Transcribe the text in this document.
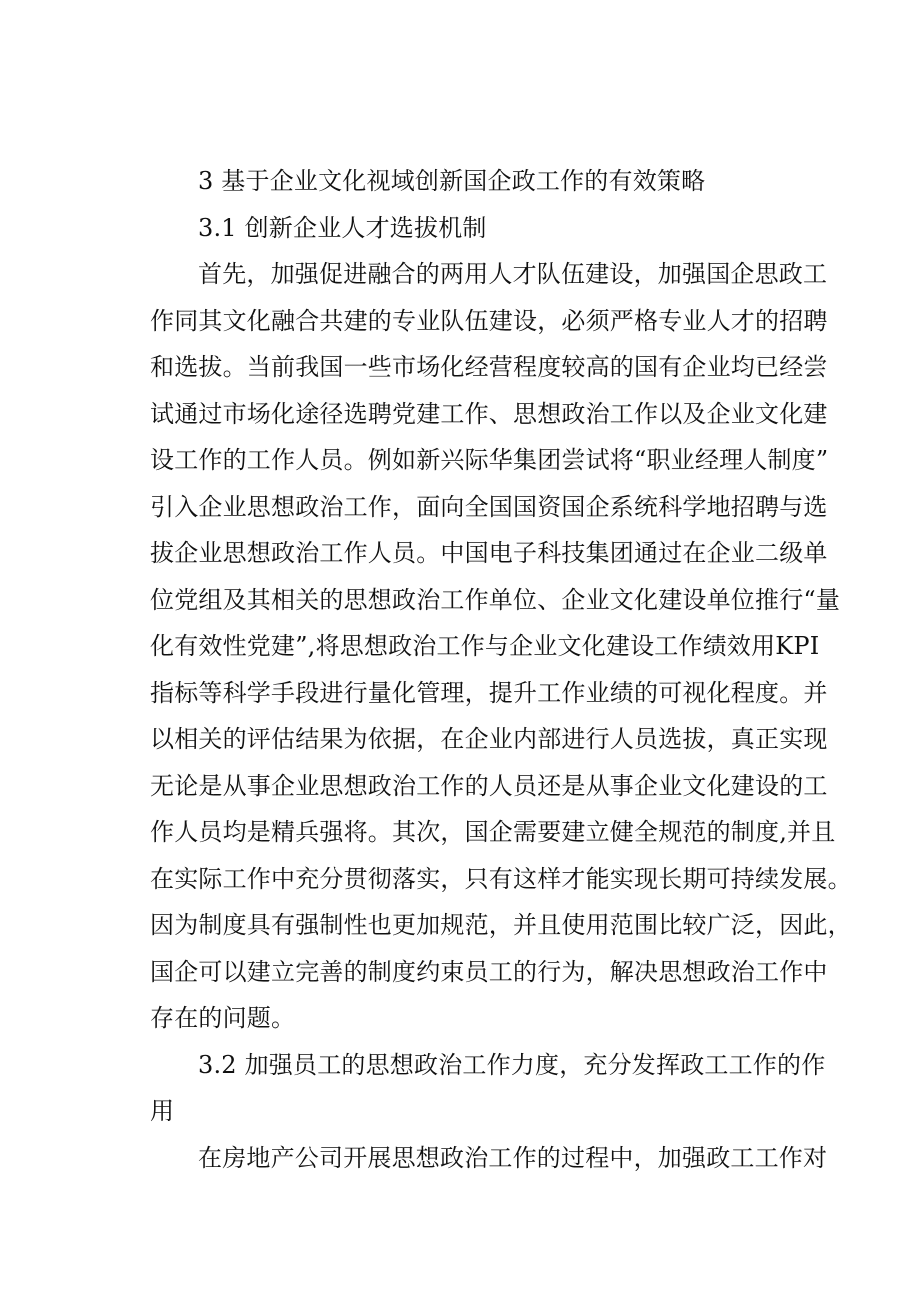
3 基于企业文化视域创新国企政工作的有效策略
3.1 创新企业人才选拔机制
首先，加强促进融合的两用人才队伍建设，加强国企思政工
作同其文化融合共建的专业队伍建设，必须严格专业人才的招聘
和选拔。当前我国一些市场化经营程度较高的国有企业均已经尝
试通过市场化途径选聘党建工作、思想政治工作以及企业文化建
设工作的工作人员。例如新兴际华集团尝试将“职业经理人制度”
引入企业思想政治工作，面向全国国资国企系统科学地招聘与选
拔企业思想政治工作人员。中国电子科技集团通过在企业二级单
位党组及其相关的思想政治工作单位、企业文化建设单位推行“量
化有效性党建”,将思想政治工作与企业文化建设工作绩效用KPI
指标等科学手段进行量化管理，提升工作业绩的可视化程度。并
以相关的评估结果为依据，在企业内部进行人员选拔，真正实现
无论是从事企业思想政治工作的人员还是从事企业文化建设的工
作人员均是精兵强将。其次，国企需要建立健全规范的制度,并且
在实际工作中充分贯彻落实，只有这样才能实现长期可持续发展。
因为制度具有强制性也更加规范，并且使用范围比较广泛，因此，
国企可以建立完善的制度约束员工的行为，解决思想政治工作中
存在的问题。
3.2 加强员工的思想政治工作力度，充分发挥政工工作的作
用
在房地产公司开展思想政治工作的过程中，加强政工工作对
